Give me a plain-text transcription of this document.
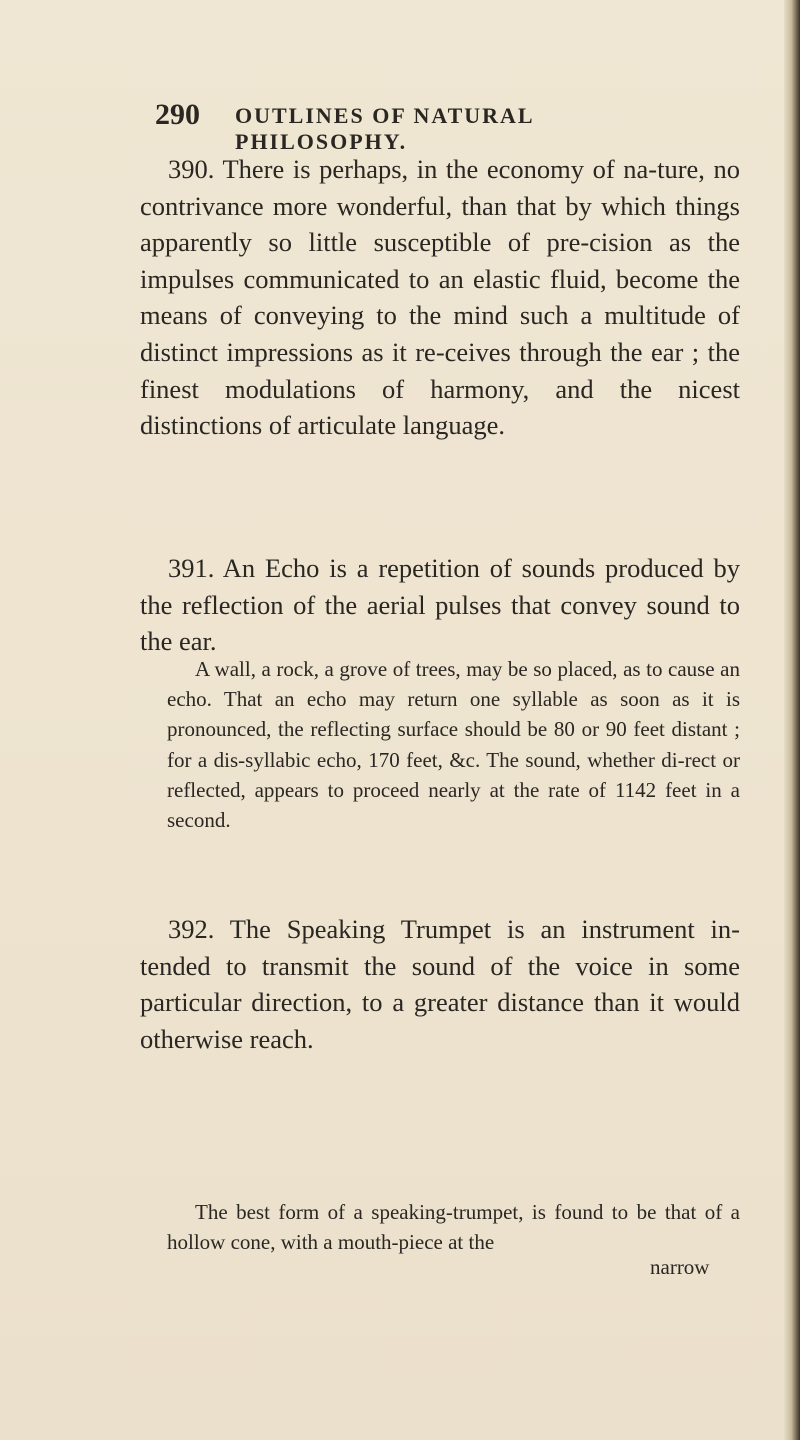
290 OUTLINES OF NATURAL PHILOSOPHY.

390. There is perhaps, in the economy of na-ture, no contrivance more wonderful, than that by which things apparently so little susceptible of pre-cision as the impulses communicated to an elastic fluid, become the means of conveying to the mind such a multitude of distinct impressions as it re-ceives through the ear ; the finest modulations of harmony, and the nicest distinctions of articulate language.

391. An Echo is a repetition of sounds produced by the reflection of the aerial pulses that convey sound to the ear.

A wall, a rock, a grove of trees, may be so placed, as to cause an echo. That an echo may return one syllable as soon as it is pronounced, the reflecting surface should be 80 or 90 feet distant ; for a dis-syllabic echo, 170 feet, &c. The sound, whether di-rect or reflected, appears to proceed nearly at the rate of 1142 feet in a second.

392. The Speaking Trumpet is an instrument in-tended to transmit the sound of the voice in some particular direction, to a greater distance than it would otherwise reach.

The best form of a speaking-trumpet, is found to be that of a hollow cone, with a mouth-piece at the

narrow
